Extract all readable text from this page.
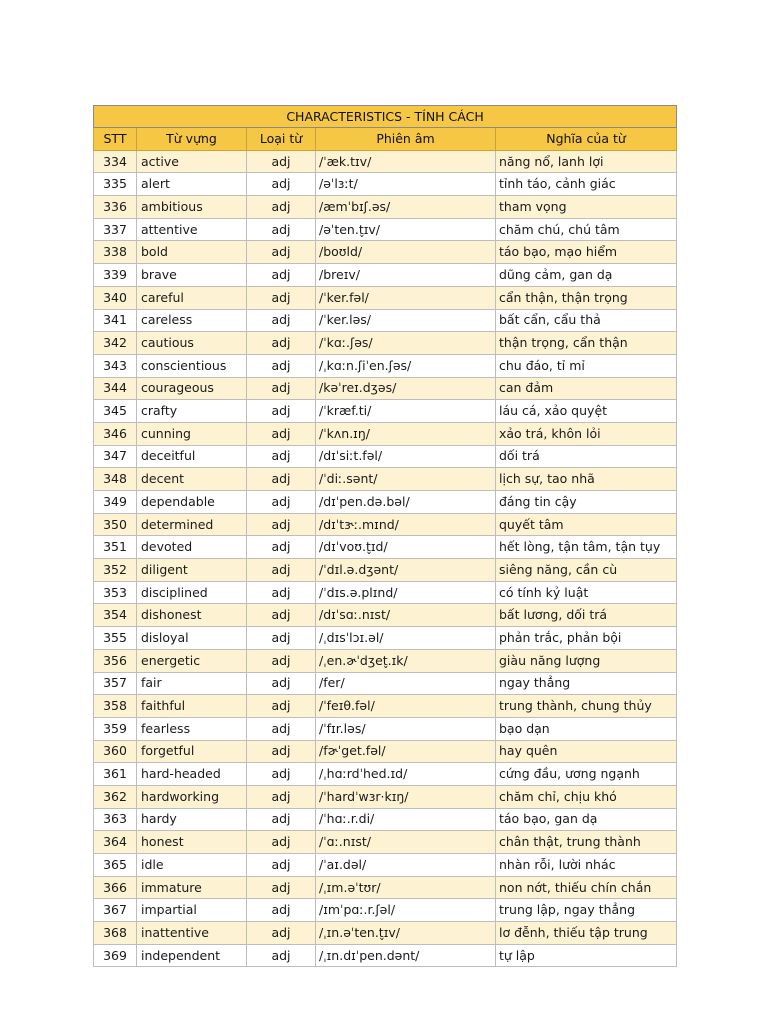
CHARACTERISTICS - TÍNH CÁCH				
STT	Từ vựng	Loại từ	Phiên âm	Nghĩa của từ
334	active	adj	/ˈæk.tɪv/	năng nổ, lanh lợi
335	alert	adj	/əˈlɜːt/	tỉnh táo, cảnh giác
336	ambitious	adj	/æmˈbɪʃ.əs/	tham vọng
337	attentive	adj	/əˈten.t̬ɪv/	chăm chú, chú tâm
338	bold	adj	/boʊld/	táo bạo, mạo hiểm
339	brave	adj	/breɪv/	dũng cảm, gan dạ
340	careful	adj	/ˈker.fəl/	cẩn thận, thận trọng
341	careless	adj	/ˈker.ləs/	bất cẩn, cẩu thả
342	cautious	adj	/ˈkɑː.ʃəs/	thận trọng, cẩn thận
343	conscientious	adj	/ˌkɑːn.ʃiˈen.ʃəs/	chu đáo, tỉ mỉ
344	courageous	adj	/kəˈreɪ.dʒəs/	can đảm
345	crafty	adj	/ˈkræf.ti/	láu cá, xảo quyệt
346	cunning	adj	/ˈkʌn.ɪŋ/	xảo trá, khôn lỏi
347	deceitful	adj	/dɪˈsiːt.fəl/	dối trá
348	decent	adj	/ˈdiː.sənt/	lịch sự, tao nhã
349	dependable	adj	/dɪˈpen.də.bəl/	đáng tin cậy
350	determined	adj	/dɪˈtɝː.mɪnd/	quyết tâm
351	devoted	adj	/dɪˈvoʊ.t̬ɪd/	hết lòng, tận tâm, tận tụy
352	diligent	adj	/ˈdɪl.ə.dʒənt/	siêng năng, cần cù
353	disciplined	adj	/ˈdɪs.ə.plɪnd/	có tính kỷ luật
354	dishonest	adj	/dɪˈsɑː.nɪst/	bất lương, dối trá
355	disloyal	adj	/ˌdɪsˈlɔɪ.əl/	phản trắc, phản bội
356	energetic	adj	/ˌen.ɚˈdʒet̬.ɪk/	giàu năng lượng
357	fair	adj	/fer/	ngay thẳng
358	faithful	adj	/ˈfeɪθ.fəl/	trung thành, chung thủy
359	fearless	adj	/ˈfɪr.ləs/	bạo dạn
360	forgetful	adj	/fɚˈget.fəl/	hay quên
361	hard-headed	adj	/ˌhɑːrdˈhed.ɪd/	cứng đầu, ương ngạnh
362	hardworking	adj	/ˈhardˈwɜr·kɪŋ/	chăm chỉ, chịu khó
363	hardy	adj	/ˈhɑː.r.di/	táo bạo, gan dạ
364	honest	adj	/ˈɑː.nɪst/	chân thật, trung thành
365	idle	adj	/ˈaɪ.dəl/	nhàn rỗi, lười nhác
366	immature	adj	/ˌɪm.əˈtʊr/	non nớt, thiếu chín chắn
367	impartial	adj	/ɪmˈpɑː.r.ʃəl/	trung lập, ngay thẳng
368	inattentive	adj	/ˌɪn.əˈten.t̬ɪv/	lơ đễnh, thiếu tập trung
369	independent	adj	/ˌɪn.dɪˈpen.dənt/	tự lập
